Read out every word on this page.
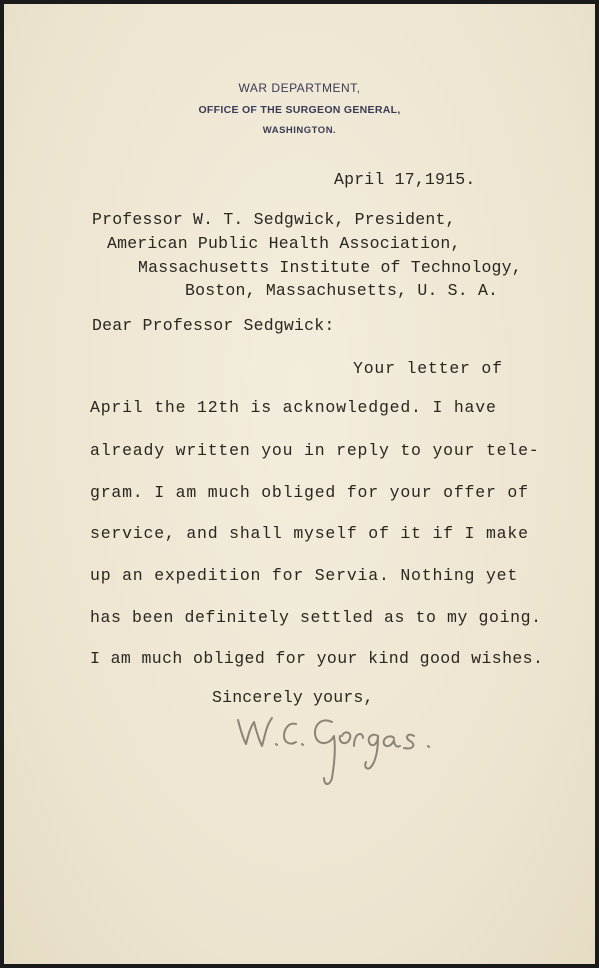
WAR DEPARTMENT,
OFFICE OF THE SURGEON GENERAL,
WASHINGTON.
April 17,1915.
Professor W. T. Sedgwick, President,
American Public Health Association,
Massachusetts Institute of Technology,
Boston, Massachusetts, U. S. A.
Dear Professor Sedgwick:
Your letter of
April the 12th is acknowledged. I have
already written you in reply to your tele-
gram. I am much obliged for your offer of
service, and shall myself of it if I make
up an expedition for Servia. Nothing yet
has been definitely settled as to my going.
I am much obliged for your kind good wishes.
Sincerely yours,
